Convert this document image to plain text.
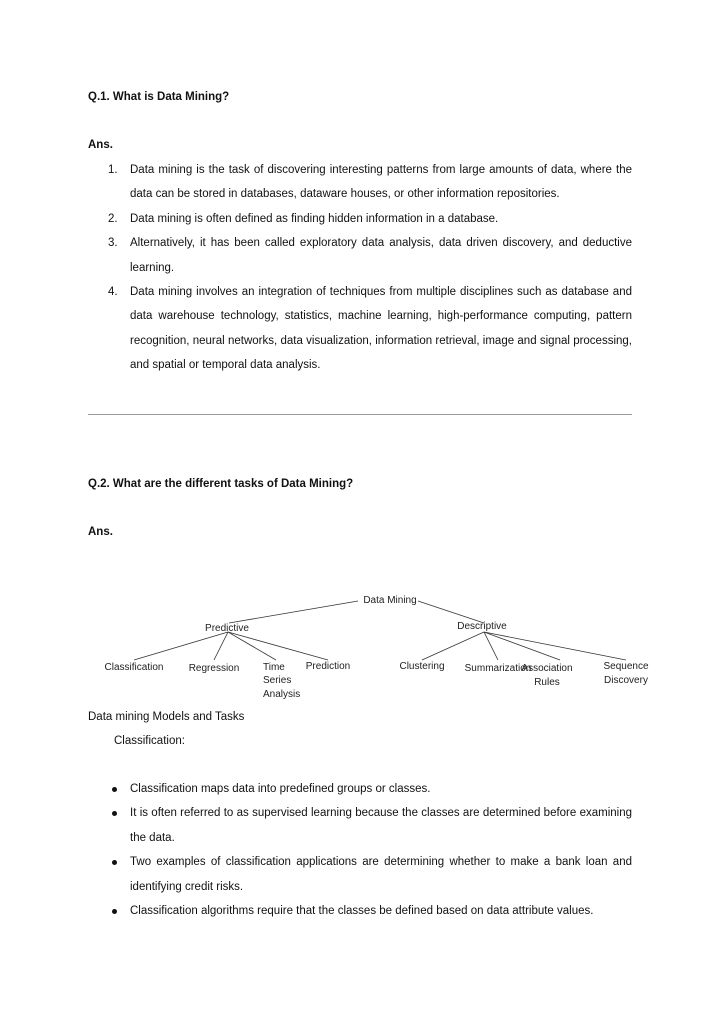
Q.1. What is Data Mining?
Ans.
1. Data mining is the task of discovering interesting patterns from large amounts of data, where the data can be stored in databases, dataware houses, or other information repositories.
2. Data mining is often defined as finding hidden information in a database.
3. Alternatively, it has been called exploratory data analysis, data driven discovery, and deductive learning.
4. Data mining involves an integration of techniques from multiple disciplines such as database and data warehouse technology, statistics, machine learning, high-performance computing, pattern recognition, neural networks, data visualization, information retrieval, image and signal processing, and spatial or temporal data analysis.
Q.2. What are the different tasks of Data Mining?
Ans.
Data Mining
Predictive	Descriptive
Classification	Regression Time
Series
Analysis
Prediction	Clustering Summarization
Association
Rules
Sequence
Discovery
Data mining Models and Tasks
Classification:
Classification maps data into predefined groups or classes.
It is often referred to as supervised learning because the classes are determined before examining the data.
Two examples of classification applications are determining whether to make a bank loan and identifying credit risks.
Classification algorithms require that the classes be defined based on data attribute values.
